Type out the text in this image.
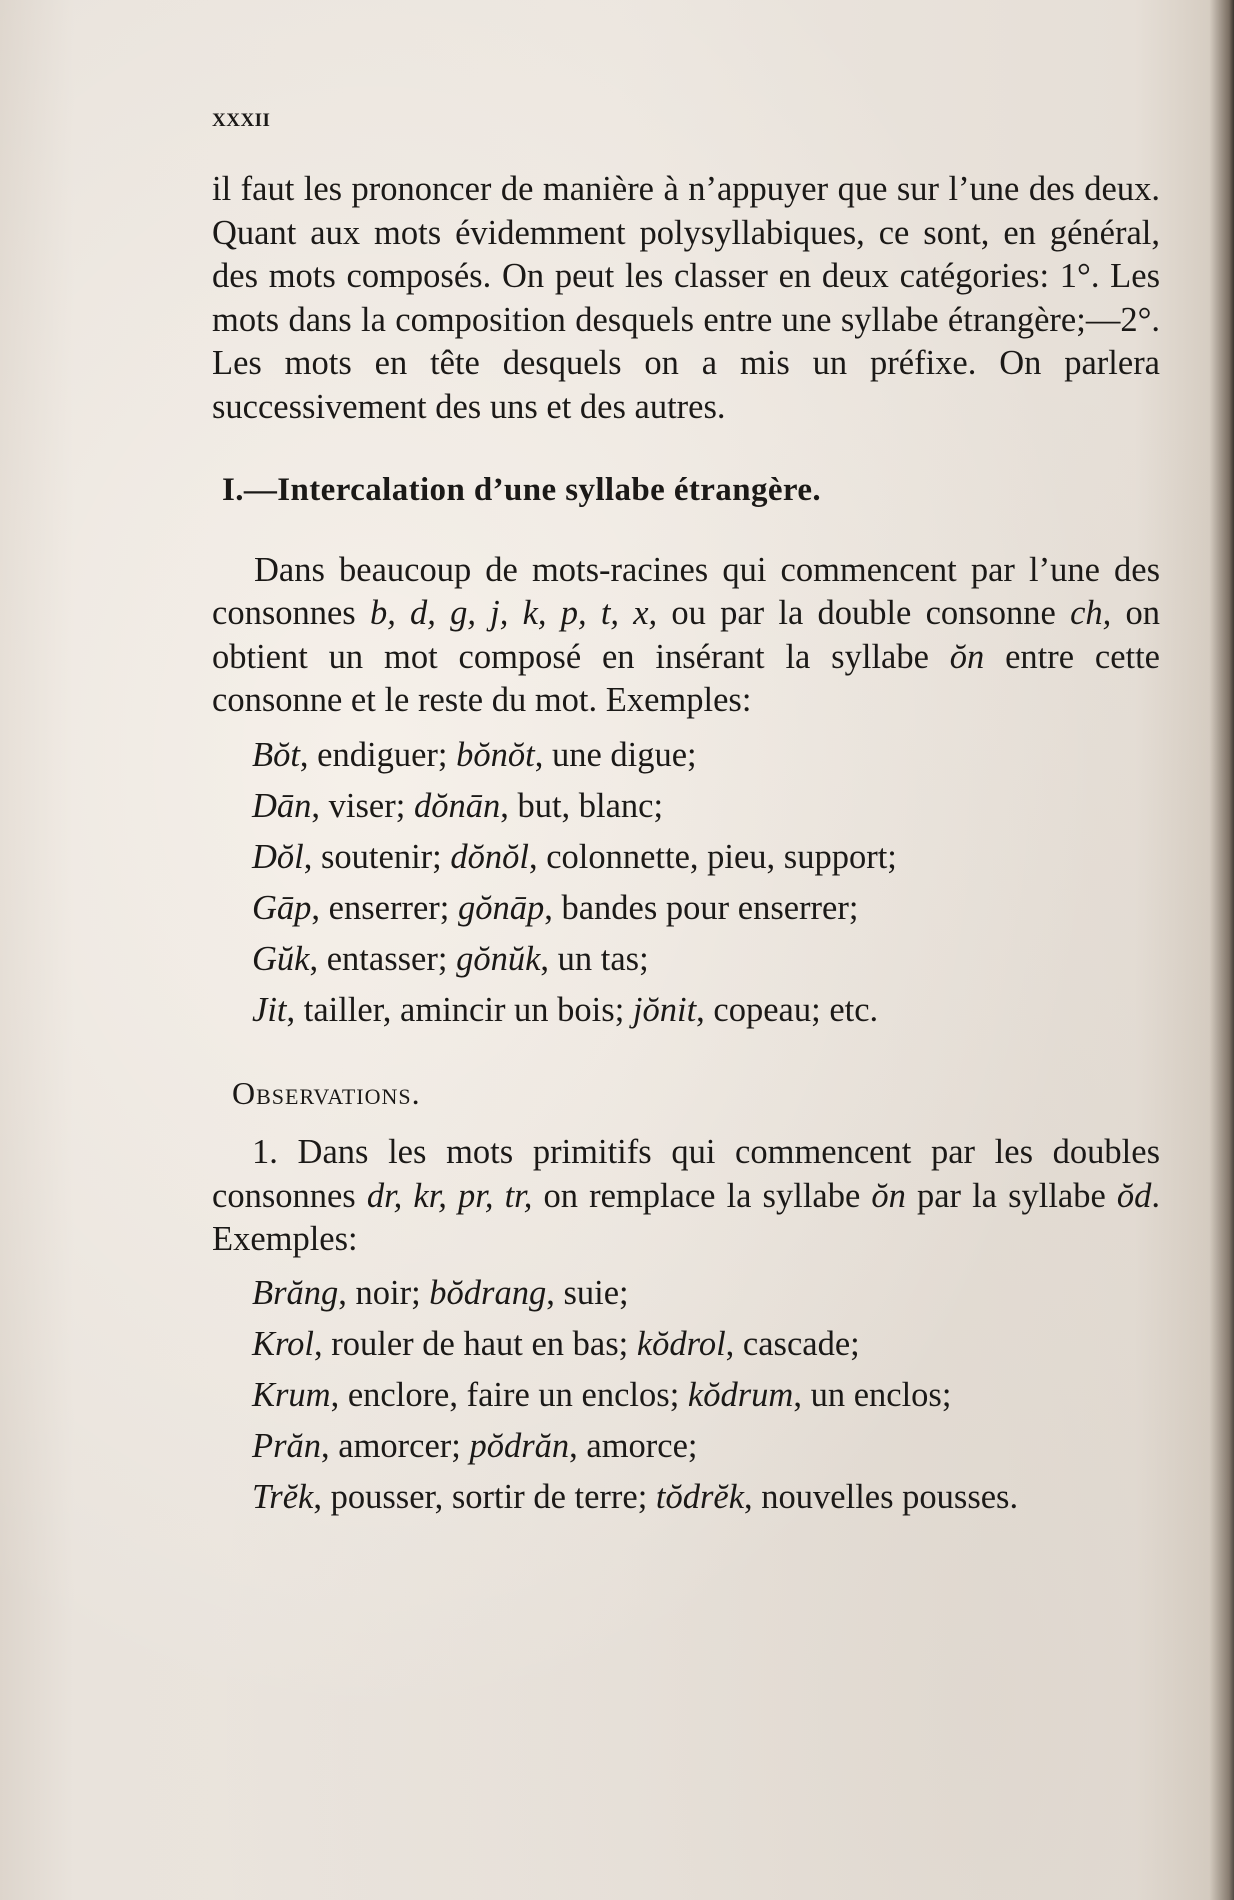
xxxii

il faut les prononcer de manière à n’appuyer que sur l’une des deux. Quant aux mots évidemment polysyllabiques, ce sont, en général, des mots composés. On peut les classer en deux catégories: 1°. Les mots dans la composition desquels entre une syllabe étrangère;—2°. Les mots en tête desquels on a mis un préfixe. On parlera successivement des uns et des autres.

I.—Intercalation d’une syllabe étrangère.

Dans beaucoup de mots-racines qui commencent par l’une des consonnes b, d, g, j, k, p, t, x, ou par la double consonne ch, on obtient un mot composé en insérant la syllabe ŏn entre cette consonne et le reste du mot. Exemples:

Bŏt, endiguer; bŏnŏt, une digue;
Dān, viser; dŏnān, but, blanc;
Dŏl, soutenir; dŏnŏl, colonnette, pieu, support;
Gāp, enserrer; gŏnāp, bandes pour enserrer;
Gŭk, entasser; gŏnŭk, un tas;
Jit, tailler, amincir un bois; jŏnit, copeau; etc.

Observations.

1. Dans les mots primitifs qui commencent par les doubles consonnes dr, kr, pr, tr, on remplace la syllabe ŏn par la syllabe ŏd. Exemples:

Brăng, noir; bŏdrang, suie;
Krol, rouler de haut en bas; kŏdrol, cascade;
Krum, enclore, faire un enclos; kŏdrum, un enclos;
Prăn, amorcer; pŏdrăn, amorce;
Trĕk, pousser, sortir de terre; tŏdrĕk, nouvelles pousses.
